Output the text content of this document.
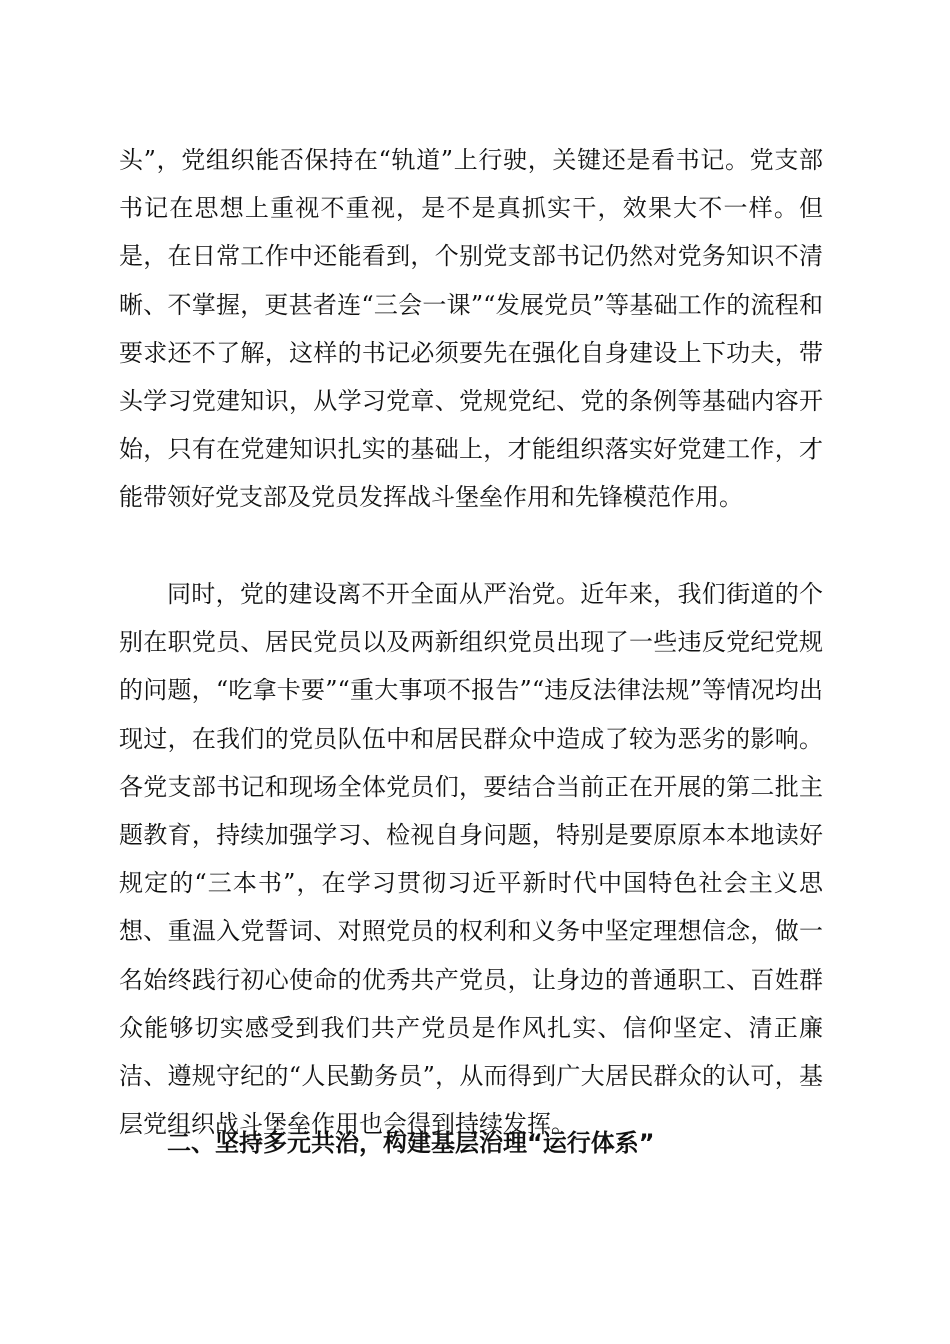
头”，党组织能否保持在“轨道”上行驶，关键还是看书记。党支部书记在思想上重视不重视，是不是真抓实干，效果大不一样。但是，在日常工作中还能看到，个别党支部书记仍然对党务知识不清晰、不掌握，更甚者连“三会一课”“发展党员”等基础工作的流程和要求还不了解，这样的书记必须要先在强化自身建设上下功夫，带头学习党建知识，从学习党章、党规党纪、党的条例等基础内容开始，只有在党建知识扎实的基础上，才能组织落实好党建工作，才能带领好党支部及党员发挥战斗堡垒作用和先锋模范作用。

同时，党的建设离不开全面从严治党。近年来，我们街道的个别在职党员、居民党员以及两新组织党员出现了一些违反党纪党规的问题，“吃拿卡要”“重大事项不报告”“违反法律法规”等情况均出现过，在我们的党员队伍中和居民群众中造成了较为恶劣的影响。各党支部书记和现场全体党员们，要结合当前正在开展的第二批主题教育，持续加强学习、检视自身问题，特别是要原原本本地读好规定的“三本书”，在学习贯彻习近平新时代中国特色社会主义思想、重温入党誓词、对照党员的权利和义务中坚定理想信念，做一名始终践行初心使命的优秀共产党员，让身边的普通职工、百姓群众能够切实感受到我们共产党员是作风扎实、信仰坚定、清正廉洁、遵规守纪的“人民勤务员”，从而得到广大居民群众的认可，基层党组织战斗堡垒作用也会得到持续发挥。

二、坚持多元共治，构建基层治理“运行体系”
